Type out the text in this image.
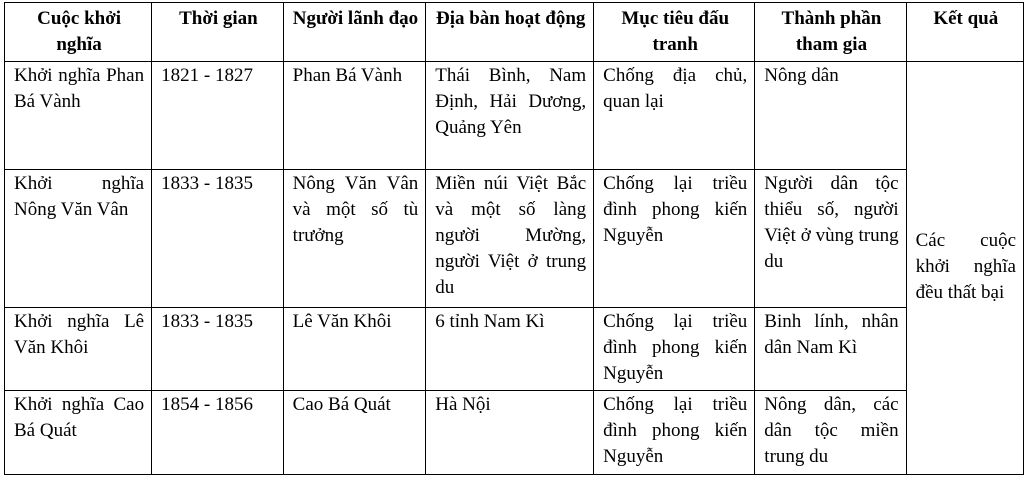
Cuộc khởi nghĩa	Thời gian	Người lãnh đạo	Địa bàn hoạt động	Mục tiêu đấu tranh	Thành phần tham gia	Kết quả
Khởi nghĩa Phan Bá Vành	1821 - 1827	Phan Bá Vành	Thái Bình, Nam Định, Hải Dương, Quảng Yên	Chống địa chủ, quan lại	Nông dân	Các cuộc khởi nghĩa đều thất bại
Khởi nghĩa Nông Văn Vân	1833 - 1835	Nông Văn Vân và một số tù trưởng	Miền núi Việt Bắc và một số làng người Mường, người Việt ở trung du	Chống lại triều đình phong kiến Nguyễn	Người dân tộc thiểu số, người Việt ở vùng trung du	
Khởi nghĩa Lê Văn Khôi	1833 - 1835	Lê Văn Khôi	6 tỉnh Nam Kì	Chống lại triều đình phong kiến Nguyễn	Binh lính, nhân dân Nam Kì	
Khởi nghĩa Cao Bá Quát	1854 - 1856	Cao Bá Quát	Hà Nội	Chống lại triều đình phong kiến Nguyễn	Nông dân, các dân tộc miền trung du	
